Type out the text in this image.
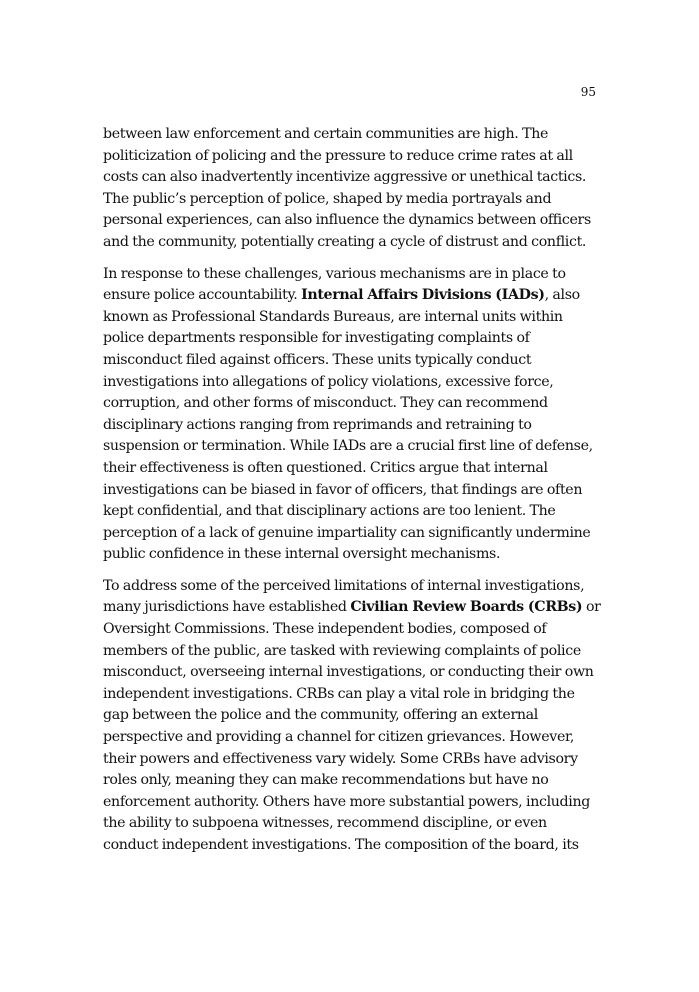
95

between law enforcement and certain communities are high. The
politicization of policing and the pressure to reduce crime rates at all
costs can also inadvertently incentivize aggressive or unethical tactics.
The public’s perception of police, shaped by media portrayals and
personal experiences, can also influence the dynamics between officers
and the community, potentially creating a cycle of distrust and conflict.

In response to these challenges, various mechanisms are in place to
ensure police accountability. Internal Affairs Divisions (IADs), also
known as Professional Standards Bureaus, are internal units within
police departments responsible for investigating complaints of
misconduct filed against officers. These units typically conduct
investigations into allegations of policy violations, excessive force,
corruption, and other forms of misconduct. They can recommend
disciplinary actions ranging from reprimands and retraining to
suspension or termination. While IADs are a crucial first line of defense,
their effectiveness is often questioned. Critics argue that internal
investigations can be biased in favor of officers, that findings are often
kept confidential, and that disciplinary actions are too lenient. The
perception of a lack of genuine impartiality can significantly undermine
public confidence in these internal oversight mechanisms.

To address some of the perceived limitations of internal investigations,
many jurisdictions have established Civilian Review Boards (CRBs) or
Oversight Commissions. These independent bodies, composed of
members of the public, are tasked with reviewing complaints of police
misconduct, overseeing internal investigations, or conducting their own
independent investigations. CRBs can play a vital role in bridging the
gap between the police and the community, offering an external
perspective and providing a channel for citizen grievances. However,
their powers and effectiveness vary widely. Some CRBs have advisory
roles only, meaning they can make recommendations but have no
enforcement authority. Others have more substantial powers, including
the ability to subpoena witnesses, recommend discipline, or even
conduct independent investigations. The composition of the board, its
